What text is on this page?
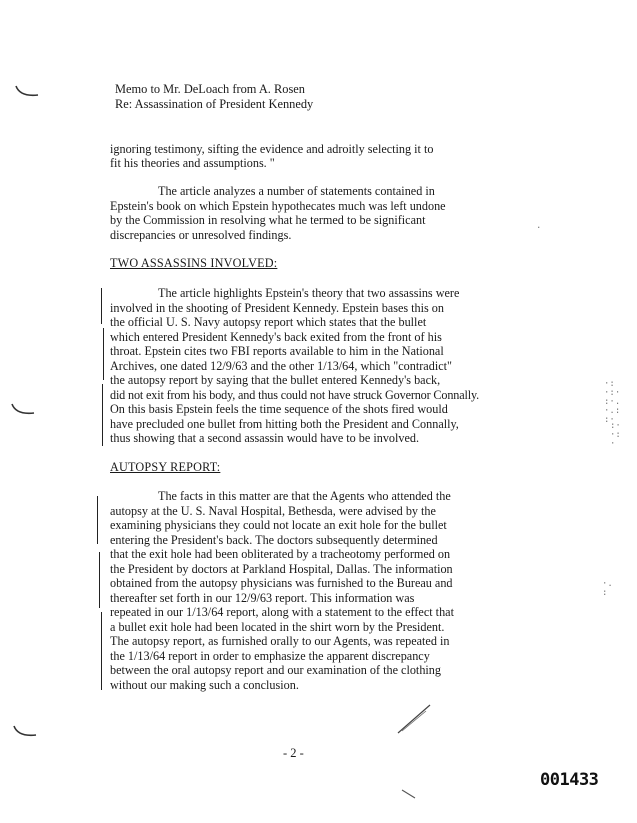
Memo to Mr. DeLoach from A. Rosen
Re: Assassination of President Kennedy
ignoring testimony, sifting the evidence and adroitly selecting it to
fit his theories and assumptions. "
The article analyzes a number of statements contained in
Epstein's book on which Epstein hypothecates much was left undone
by the Commission in resolving what he termed to be significant
discrepancies or unresolved findings.
TWO ASSASSINS INVOLVED:
The article highlights Epstein's theory that two assassins were
involved in the shooting of President Kennedy. Epstein bases this on
the official U. S. Navy autopsy report which states that the bullet
which entered President Kennedy's back exited from the front of his
throat. Epstein cites two FBI reports available to him in the National
Archives, one dated 12/9/63 and the other 1/13/64, which "contradict"
the autopsy report by saying that the bullet entered Kennedy's back,
did not exit from his body, and thus could not have struck Governor Connally.
On this basis Epstein feels the time sequence of the shots fired would
have precluded one bullet from hitting both the President and Connally,
thus showing that a second assassin would have to be involved.
AUTOPSY REPORT:
The facts in this matter are that the Agents who attended the
autopsy at the U. S. Naval Hospital, Bethesda, were advised by the
examining physicians they could not locate an exit hole for the bullet
entering the President's back. The doctors subsequently determined
that the exit hole had been obliterated by a tracheotomy performed on
the President by doctors at Parkland Hospital, Dallas. The information
obtained from the autopsy physicians was furnished to the Bureau and
thereafter set forth in our 12/9/63 report. This information was
repeated in our 1/13/64 report, along with a statement to the effect that
a bullet exit hole had been located in the shirt worn by the President.
The autopsy report, as furnished orally to our Agents, was repeated in
the 1/13/64 report in order to emphasize the apparent discrepancy
between the oral autopsy report and our examination of the clothing
without our making such a conclusion.
- 2 -
001433
·:
·:·
:·.
·.:
:·
:·
·:
·
·.
:
.
